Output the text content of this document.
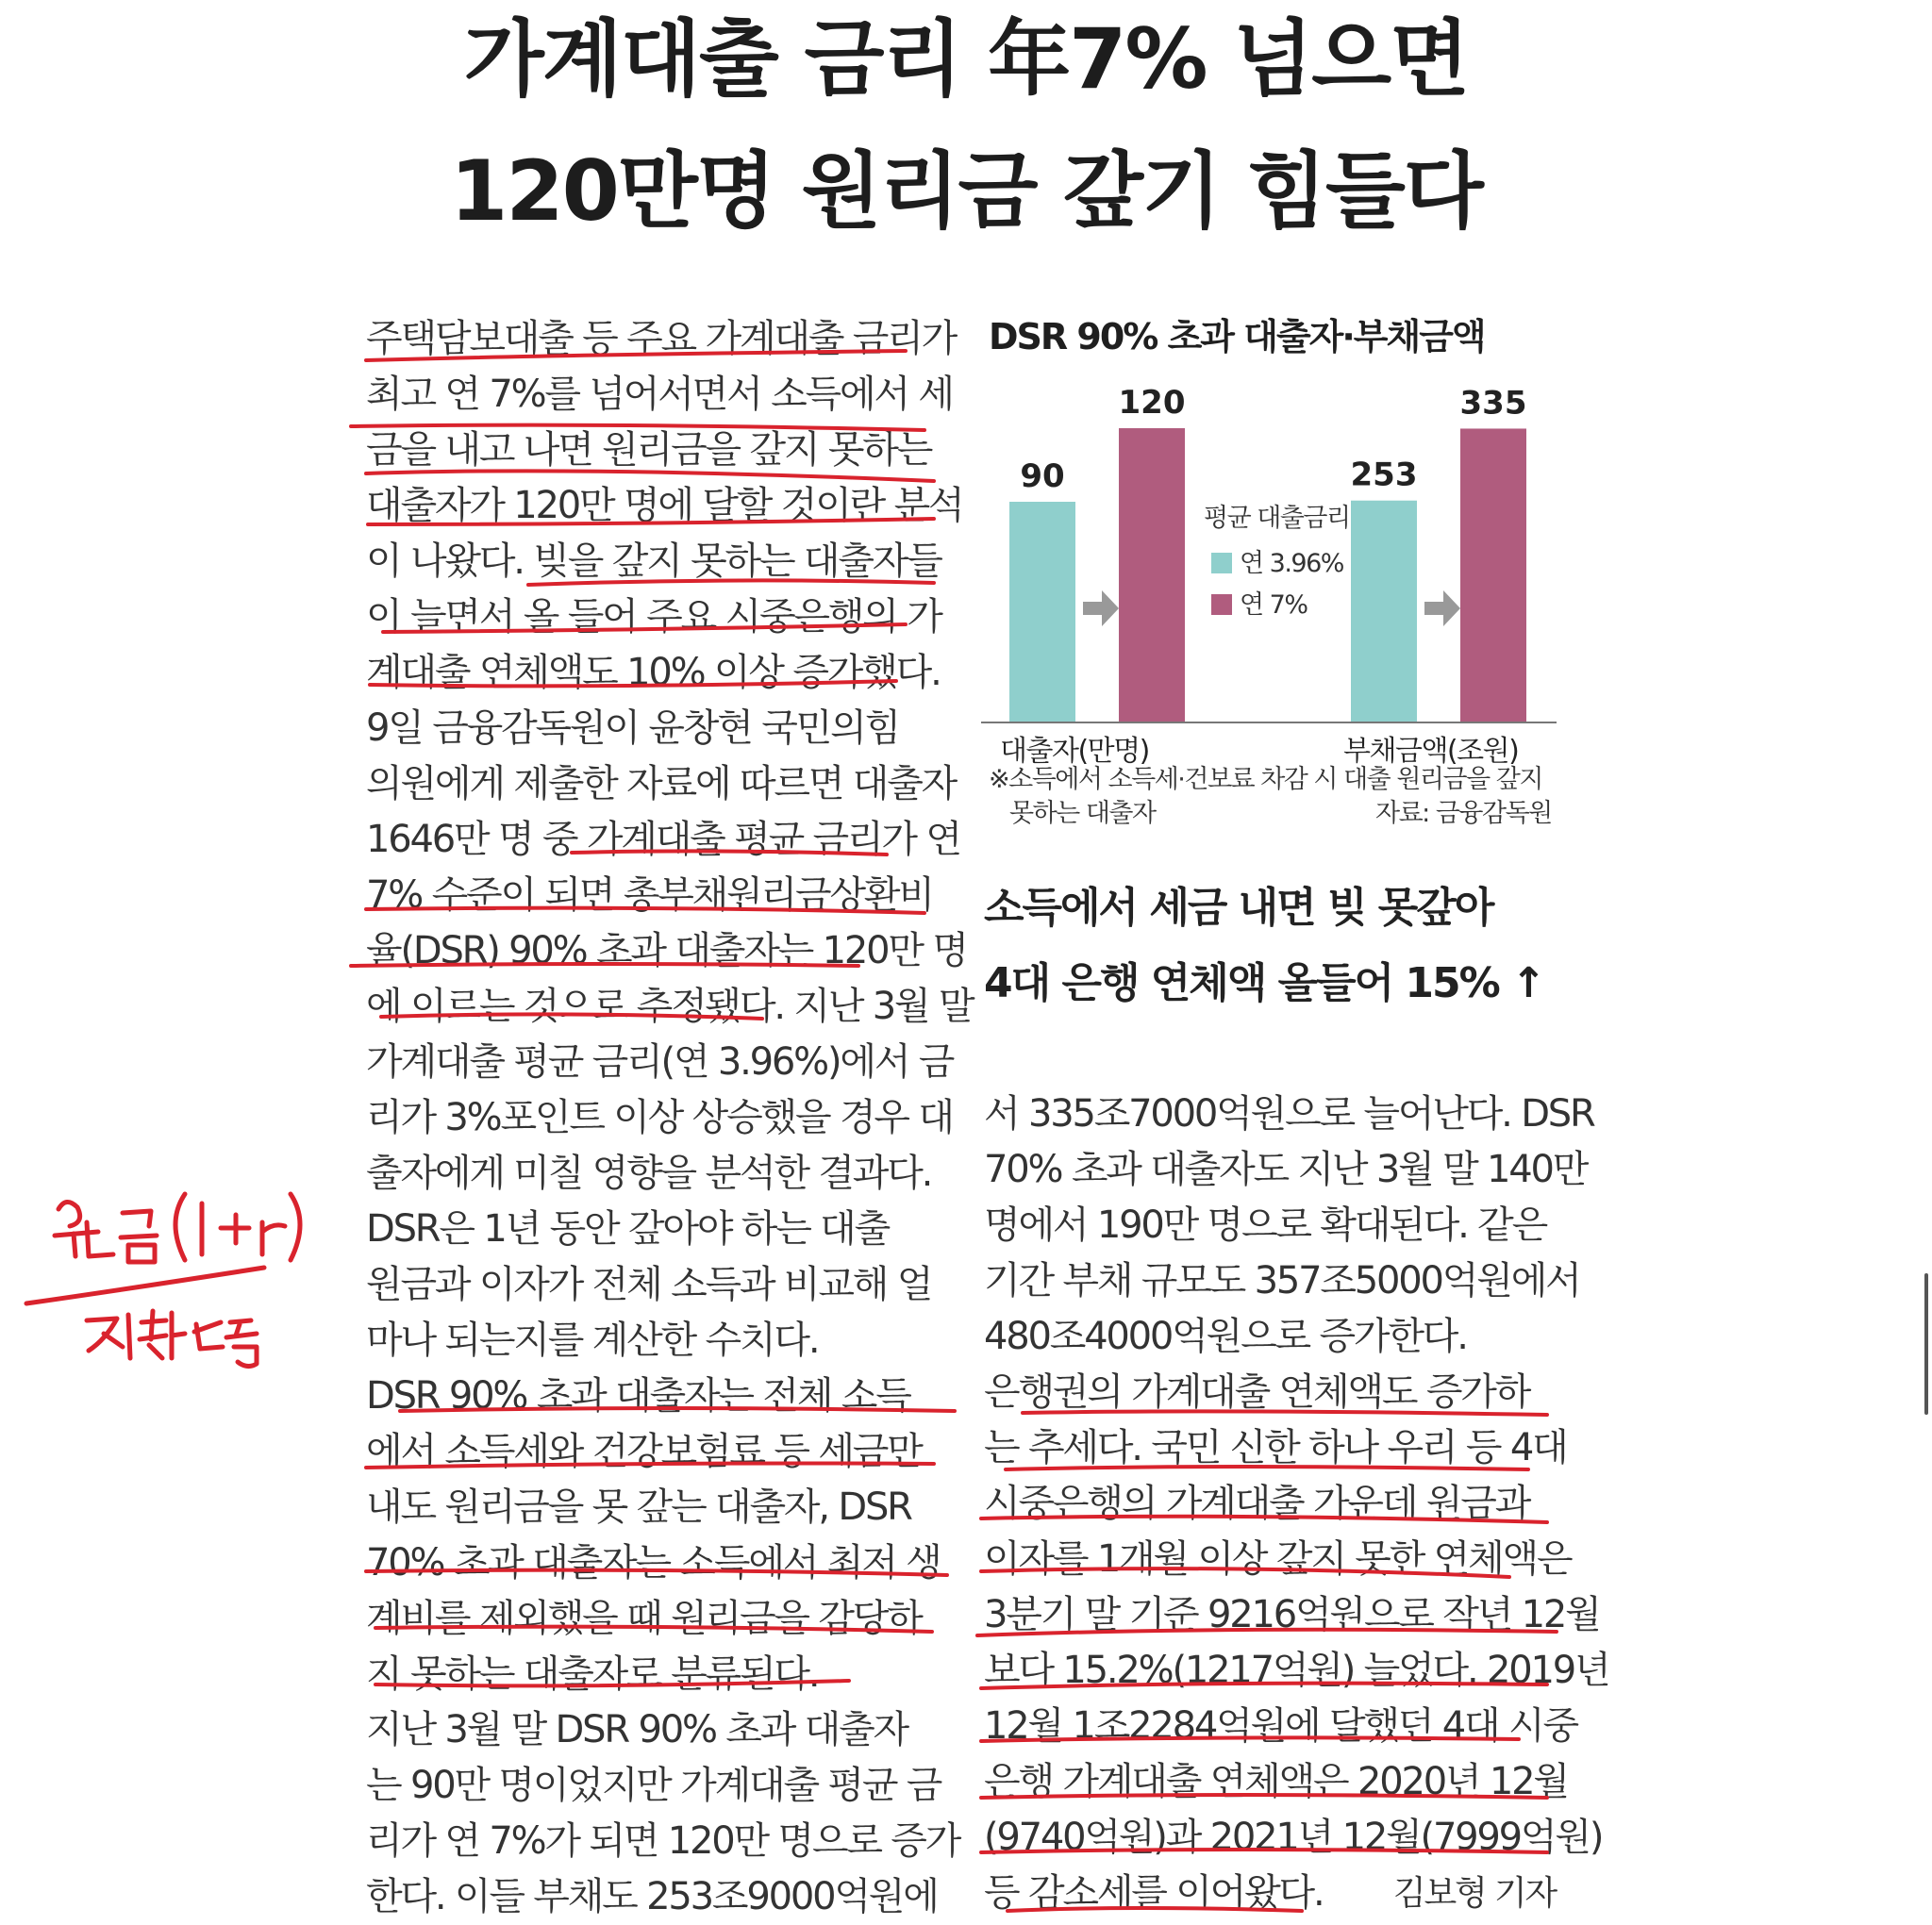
가계대출 금리 年7% 넘으면
120만명 원리금 갚기 힘들다
주택담보대출 등 주요 가계대출 금리가
최고 연 7%를 넘어서면서 소득에서 세
금을 내고 나면 원리금을 갚지 못하는
대출자가 120만 명에 달할 것이란 분석
이 나왔다. 빚을 갚지 못하는 대출자들
이 늘면서 올 들어 주요 시중은행의 가
계대출 연체액도 10% 이상 증가했다.
9일 금융감독원이 윤창현 국민의힘
의원에게 제출한 자료에 따르면 대출자
1646만 명 중 가계대출 평균 금리가 연
7% 수준이 되면 총부채원리금상환비
율(DSR) 90% 초과 대출자는 120만 명
에 이르는 것으로 추정됐다. 지난 3월 말
가계대출 평균 금리(연 3.96%)에서 금
리가 3%포인트 이상 상승했을 경우 대
출자에게 미칠 영향을 분석한 결과다.
DSR은 1년 동안 갚아야 하는 대출
원금과 이자가 전체 소득과 비교해 얼
마나 되는지를 계산한 수치다.
DSR 90% 초과 대출자는 전체 소득
에서 소득세와 건강보험료 등 세금만
내도 원리금을 못 갚는 대출자, DSR
70% 초과 대출자는 소득에서 최저 생
계비를 제외했을 때 원리금을 감당하
지 못하는 대출자로 분류된다.
지난 3월 말 DSR 90% 초과 대출자
는 90만 명이었지만 가계대출 평균 금
리가 연 7%가 되면 120만 명으로 증가
한다. 이들 부채도 253조9000억원에
DSR 90% 초과 대출자·부채금액
90
120
대출자(만명)
253
335
부채금액(조원)
평균 대출금리
연 3.96%
연 7%
※소득에서 소득세·건보료 차감 시 대출 원리금을 갚지
못하는 대출자	자료: 금융감독원
소득에서 세금 내면 빚 못갚아
4대 은행 연체액 올들어 15% ↑
서 335조7000억원으로 늘어난다. DSR
70% 초과 대출자도 지난 3월 말 140만
명에서 190만 명으로 확대된다. 같은
기간 부채 규모도 357조5000억원에서
480조4000억원으로 증가한다.
은행권의 가계대출 연체액도 증가하
는 추세다. 국민 신한 하나 우리 등 4대
시중은행의 가계대출 가운데 원금과
이자를 1개월 이상 갚지 못한 연체액은
3분기 말 기준 9216억원으로 작년 12월
보다 15.2%(1217억원) 늘었다. 2019년
12월 1조2284억원에 달했던 4대 시중
은행 가계대출 연체액은 2020년 12월
(9740억원)과 2021년 12월(7999억원)
등 감소세를 이어왔다. 김보형 기자
